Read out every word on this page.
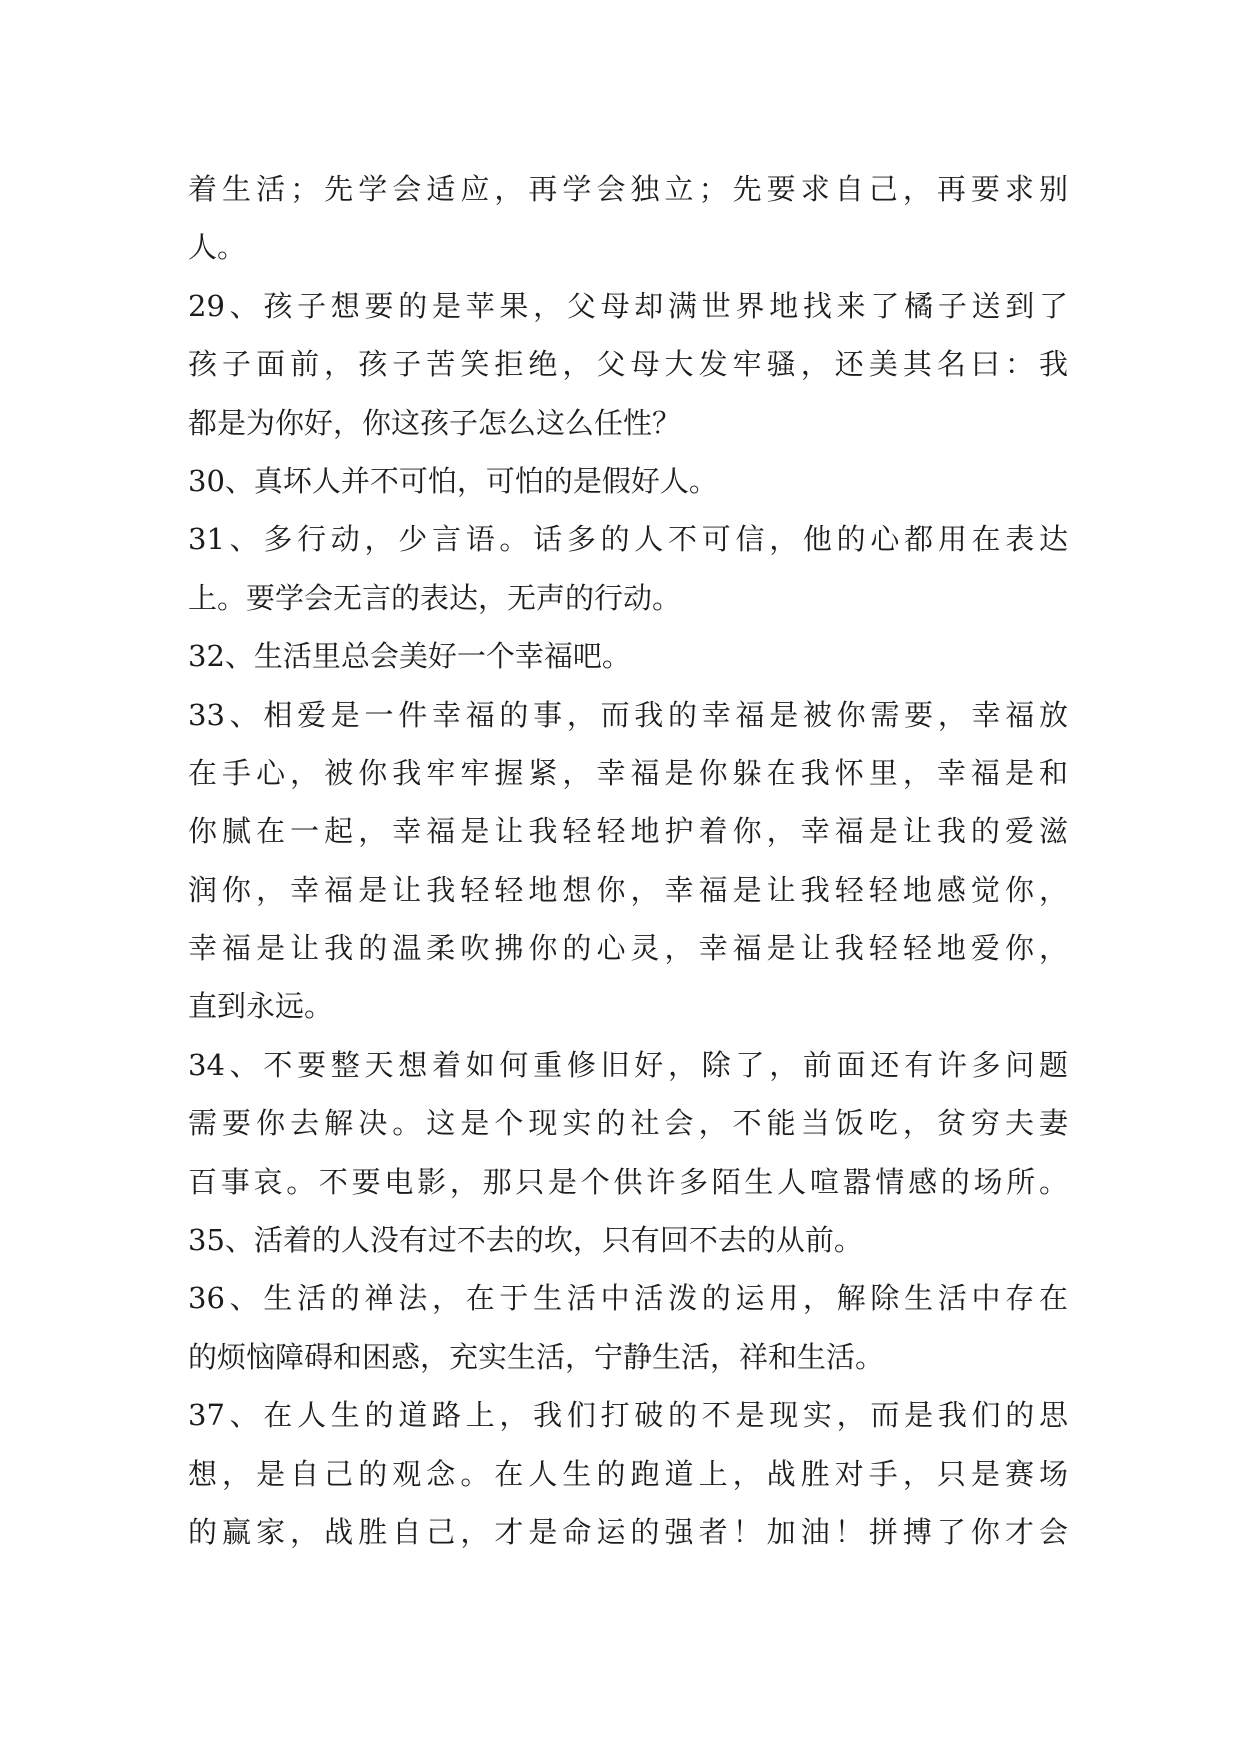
着生活；先学会适应，再学会独立；先要求自己，再要求别
人。
29、孩子想要的是苹果，父母却满世界地找来了橘子送到了
孩子面前，孩子苦笑拒绝，父母大发牢骚，还美其名曰：我
都是为你好，你这孩子怎么这么任性？
30、真坏人并不可怕，可怕的是假好人。
31、多行动，少言语。话多的人不可信，他的心都用在表达
上。要学会无言的表达，无声的行动。
32、生活里总会美好一个幸福吧。
33、相爱是一件幸福的事，而我的幸福是被你需要，幸福放
在手心，被你我牢牢握紧，幸福是你躲在我怀里，幸福是和
你腻在一起，幸福是让我轻轻地护着你，幸福是让我的爱滋
润你，幸福是让我轻轻地想你，幸福是让我轻轻地感觉你，
幸福是让我的温柔吹拂你的心灵，幸福是让我轻轻地爱你，
直到永远。
34、不要整天想着如何重修旧好，除了，前面还有许多问题
需要你去解决。这是个现实的社会，不能当饭吃，贫穷夫妻
百事哀。不要电影，那只是个供许多陌生人喧嚣情感的场所。
35、活着的人没有过不去的坎，只有回不去的从前。
36、生活的禅法，在于生活中活泼的运用，解除生活中存在
的烦恼障碍和困惑，充实生活，宁静生活，祥和生活。
37、在人生的道路上，我们打破的不是现实，而是我们的思
想，是自己的观念。在人生的跑道上，战胜对手，只是赛场
的赢家，战胜自己，才是命运的强者！加油！拼搏了你才会
